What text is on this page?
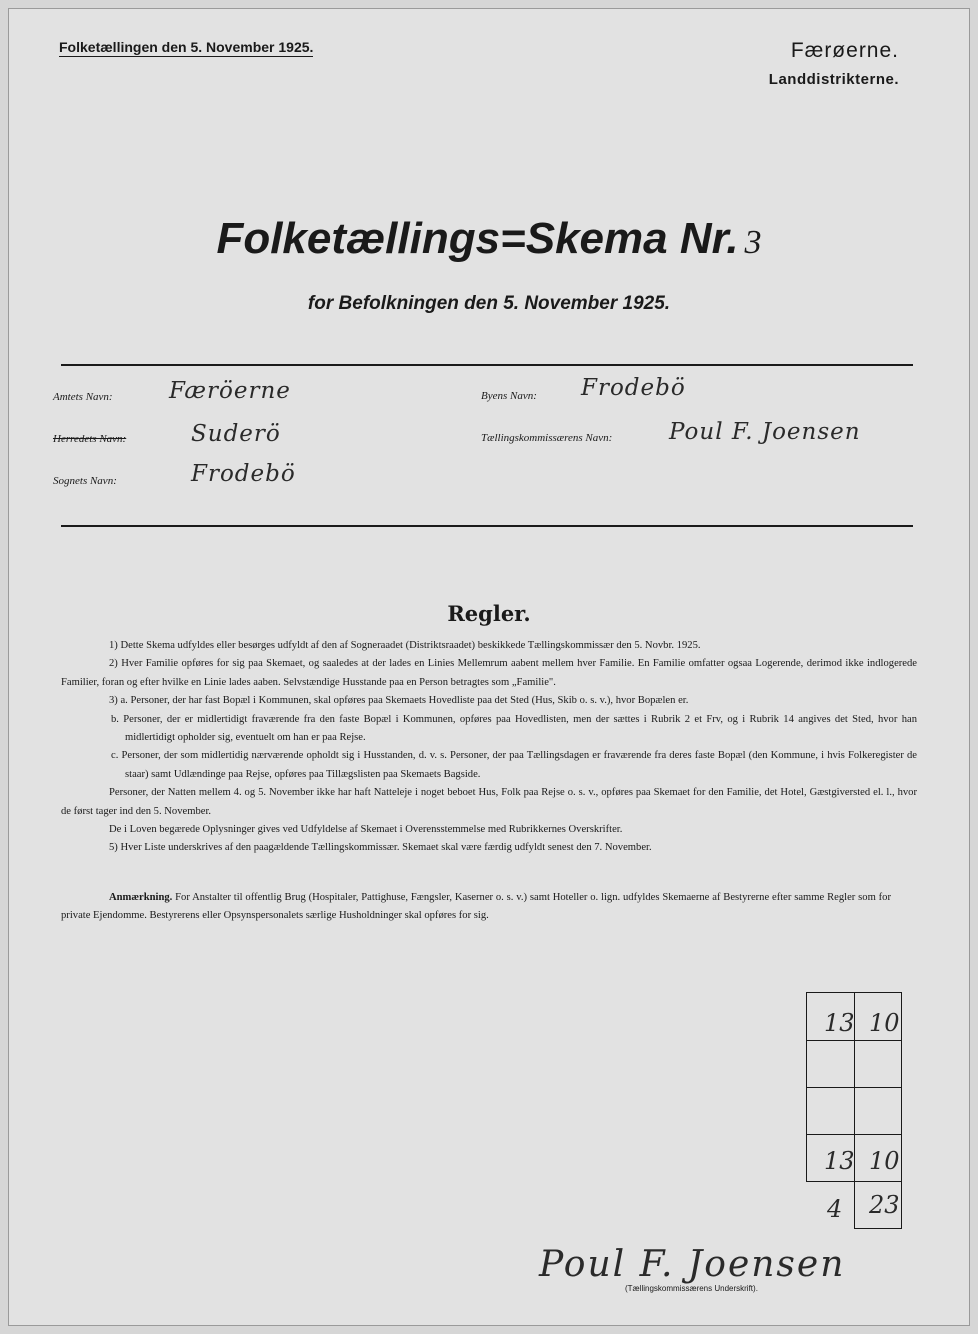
Folketællingen den 5. November 1925.	Færøerne.
Landdistrikterne.
Folketællings=Skema Nr. 3
for Befolkningen den 5. November 1925.
Amtets Navn: Færöerne
Herredets Navn:	Suderö
Sognets Navn:	Frodebö
Byens Navn: Frodebö
Tællingskommissærens Navn: Poul F. Joensen
Regler.

1) Dette Skema udfyldes eller besørges udfyldt af den af Sogneraadet (Distriktsraadet) beskikkede Tællingskommissær den 5. Novbr. 1925.

2) Hver Familie opføres for sig paa Skemaet, og saaledes at der lades en Linies Mellemrum aabent mellem hver Familie. En Familie omfatter ogsaa Logerende, derimod ikke indlogerede Familier, foran og efter hvilke en Linie lades aaben. Selvstændige Husstande paa en Person betragtes som „Familie".

3) a. Personer, der har fast Bopæl i Kommunen, skal opføres paa Skemaets Hovedliste paa det Sted (Hus, Skib o. s. v.), hvor Bopælen er.

b. Personer, der er midlertidigt fraværende fra den faste Bopæl i Kommunen, opføres paa Hovedlisten, men der sættes i Rubrik 2 et Frv, og i Rubrik 14 angives det Sted, hvor han midlertidigt opholder sig, eventuelt om han er paa Rejse.

c. Personer, der som midlertidig nærværende opholdt sig i Husstanden, d. v. s. Personer, der paa Tællingsdagen er fraværende fra deres faste Bopæl (den Kommune, i hvis Folkeregister de staar) samt Udlændinge paa Rejse, opføres paa Tillægslisten paa Skemaets Bagside.

Personer, der Natten mellem 4. og 5. November ikke har haft Natteleje i noget beboet Hus, Folk paa Rejse o. s. v., opføres paa Skemaet for den Familie, det Hotel, Gæstgiversted el. l., hvor de først tager ind den 5. November.

De i Loven begærede Oplysninger gives ved Udfyldelse af Skemaet i Overensstemmelse med Rubrikkernes Overskrifter.

5) Hver Liste underskrives af den paagældende Tællingskommissær. Skemaet skal være færdig udfyldt senest den 7. November.

Anmærkning. For Anstalter til offentlig Brug (Hospitaler, Pattighuse, Fængsler, Kaserner o. s. v.) samt Hoteller o. lign. udfyldes Skemaerne af Bestyrerne efter samme Regler som for private Ejendomme. Bestyrerens eller Opsynspersonalets særlige Husholdninger skal opføres for sig.

13 10
13 10
4 23
Poul F. Joensen
(Tællingskommissærens Underskrift).
